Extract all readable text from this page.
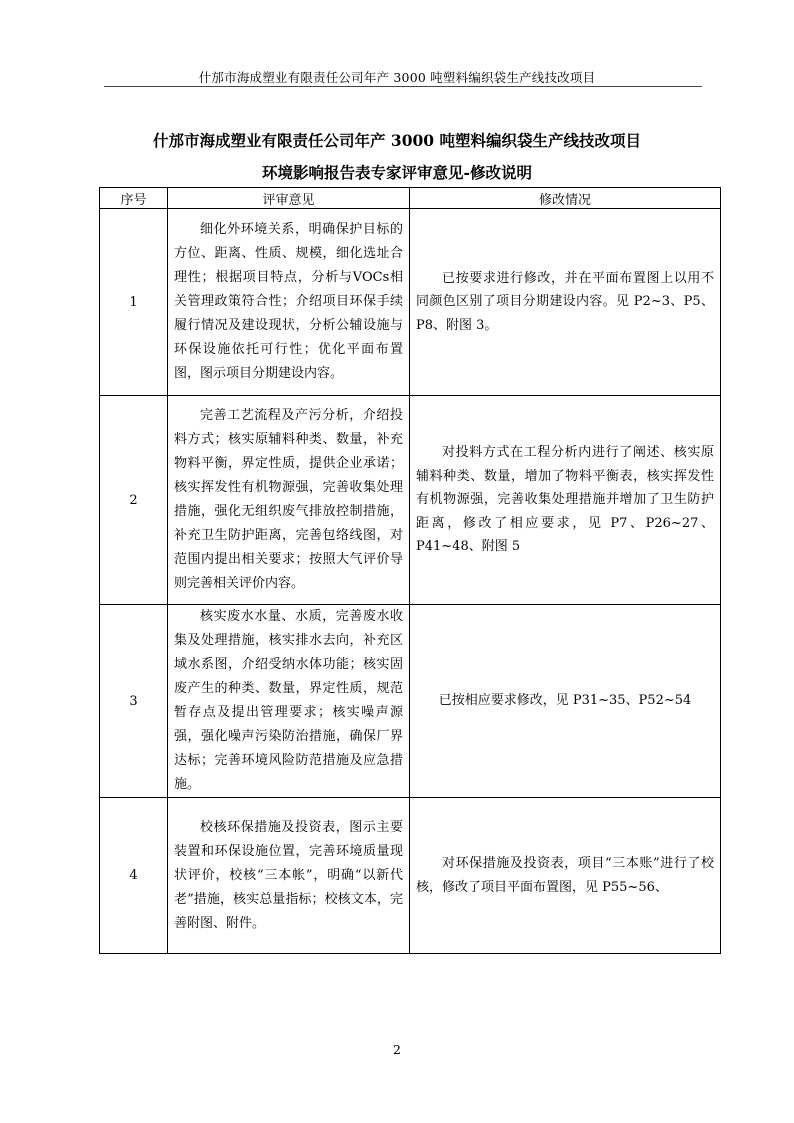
什邡市海成塑业有限责任公司年产 3000 吨塑料编织袋生产线技改项目
什邡市海成塑业有限责任公司年产 3000 吨塑料编织袋生产线技改项目
环境影响报告表专家评审意见-修改说明
序号	评审意见	修改情况
1	细化外环境关系，明确保护目标的方位、距离、性质、规模，细化选址合理性；根据项目特点，分析与VOCs相关管理政策符合性；介绍项目环保手续履行情况及建设现状，分析公辅设施与环保设施依托可行性；优化平面布置图，图示项目分期建设内容。	已按要求进行修改，并在平面布置图上以用不同颜色区别了项目分期建设内容。见 P2~3、P5、P8、附图 3。

2	完善工艺流程及产污分析，介绍投料方式；核实原辅料种类、数量，补充物料平衡，界定性质，提供企业承诺；核实挥发性有机物源强，完善收集处理措施，强化无组织废气排放控制措施，补充卫生防护距离，完善包络线图，对范围内提出相关要求；按照大气评价导则完善相关评价内容。	对投料方式在工程分析内进行了阐述、核实原辅料种类、数量，增加了物料平衡表，核实挥发性有机物源强，完善收集处理措施并增加了卫生防护距离，修改了相应要求，见 P7、P26~27、P41~48、附图 5

3	核实废水水量、水质，完善废水收集及处理措施，核实排水去向，补充区域水系图，介绍受纳水体功能；核实固废产生的种类、数量，界定性质，规范暂存点及提出管理要求；核实噪声源强，强化噪声污染防治措施，确保厂界达标；完善环境风险防范措施及应急措施。	已按相应要求修改，见 P31~35、P52~54

4	校核环保措施及投资表，图示主要装置和环保设施位置，完善环境质量现状评价，校核“三本帐”，明确“以新代老”措施，核实总量指标；校核文本，完善附图、附件。	对环保措施及投资表，项目“三本账”进行了校核，修改了项目平面布置图，见 P55~56、
2
